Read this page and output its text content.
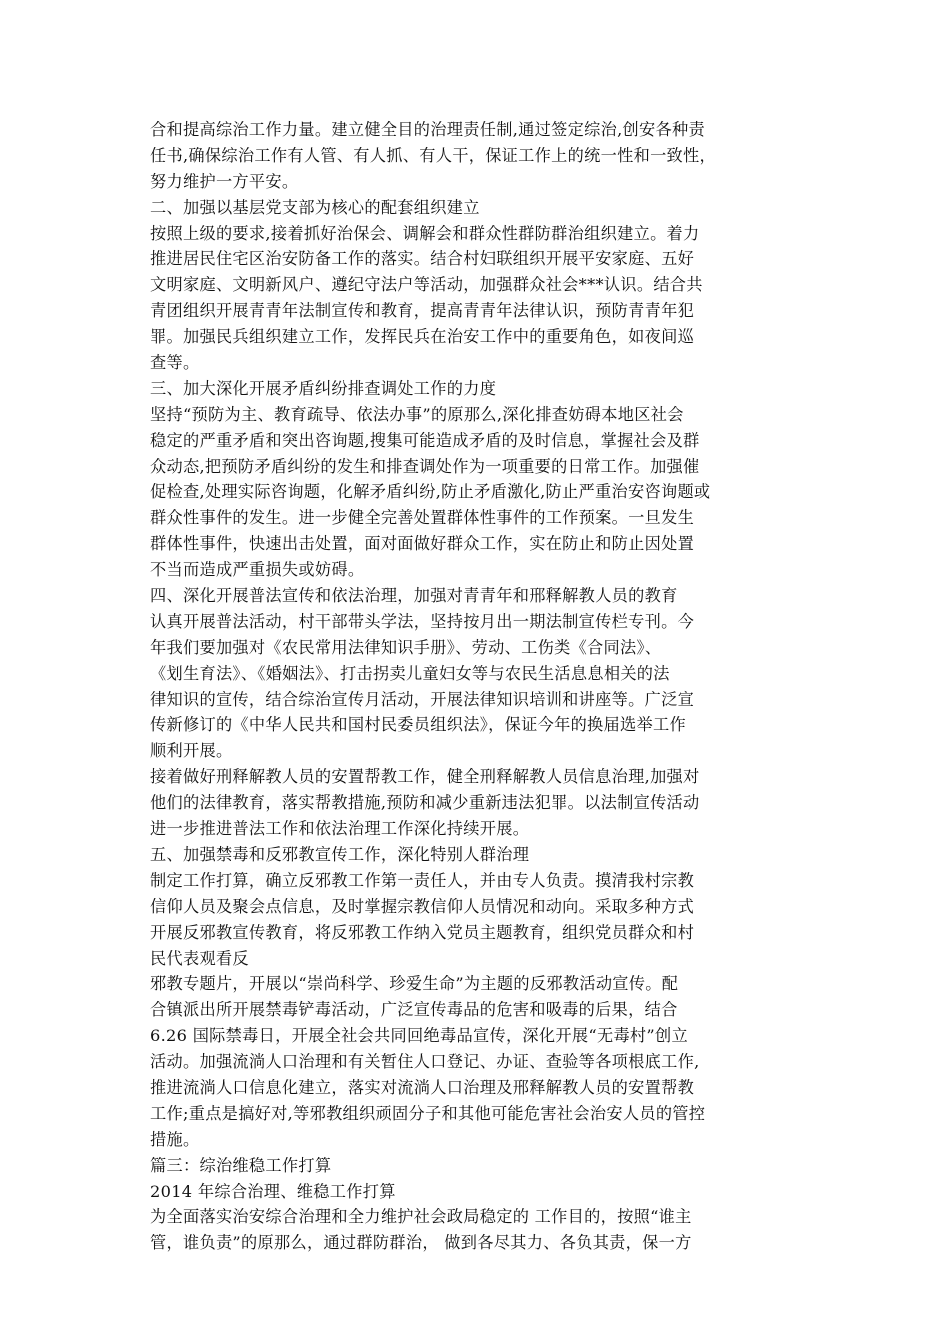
合和提高综治工作力量。建立健全目的治理责任制,通过签定综治,创安各种责
任书,确保综治工作有人管、有人抓、有人干，保证工作上的统一性和一致性，
努力维护一方平安。
二、加强以基层党支部为核心的配套组织建立
按照上级的要求,接着抓好治保会、调解会和群众性群防群治组织建立。着力
推进居民住宅区治安防备工作的落实。结合村妇联组织开展平安家庭、五好
文明家庭、文明新风户、遵纪守法户等活动，加强群众社会***认识。结合共
青团组织开展青青年法制宣传和教育，提高青青年法律认识，预防青青年犯
罪。加强民兵组织建立工作，发挥民兵在治安工作中的重要角色，如夜间巡
查等。
三、加大深化开展矛盾纠纷排查调处工作的力度
坚持“预防为主、教育疏导、依法办事”的原那么,深化排查妨碍本地区社会
稳定的严重矛盾和突出咨询题,搜集可能造成矛盾的及时信息，掌握社会及群
众动态,把预防矛盾纠纷的发生和排查调处作为一项重要的日常工作。加强催
促检查,处理实际咨询题，化解矛盾纠纷,防止矛盾激化,防止严重治安咨询题或
群众性事件的发生。进一步健全完善处置群体性事件的工作预案。一旦发生
群体性事件，快速出击处置，面对面做好群众工作，实在防止和防止因处置
不当而造成严重损失或妨碍。
四、深化开展普法宣传和依法治理，加强对青青年和邢释解教人员的教育
认真开展普法活动，村干部带头学法，坚持按月出一期法制宣传栏专刊。今
年我们要加强对《农民常用法律知识手册》、劳动、工伤类《合同法》、
《划生育法》、《婚姻法》、打击拐卖儿童妇女等与农民生活息息相关的法
律知识的宣传，结合综治宣传月活动，开展法律知识培训和讲座等。广泛宣
传新修订的《中华人民共和国村民委员组织法》，保证今年的换届选举工作
顺利开展。
接着做好刑释解教人员的安置帮教工作，健全刑释解教人员信息治理,加强对
他们的法律教育，落实帮教措施,预防和减少重新违法犯罪。以法制宣传活动
进一步推进普法工作和依法治理工作深化持续开展。
五、加强禁毒和反邪教宣传工作，深化特别人群治理
制定工作打算，确立反邪教工作第一责任人，并由专人负责。摸清我村宗教
信仰人员及聚会点信息，及时掌握宗教信仰人员情况和动向。采取多种方式
开展反邪教宣传教育，将反邪教工作纳入党员主题教育，组织党员群众和村
民代表观看反
邪教专题片，开展以“崇尚科学、珍爱生命”为主题的反邪教活动宣传。配
合镇派出所开展禁毒铲毒活动，广泛宣传毒品的危害和吸毒的后果，结合
6.26 国际禁毒日，开展全社会共同回绝毒品宣传，深化开展“无毒村”创立
活动。加强流淌人口治理和有关暂住人口登记、办证、查验等各项根底工作,
推进流淌人口信息化建立，落实对流淌人口治理及邢释解教人员的安置帮教
工作;重点是搞好对,等邪教组织顽固分子和其他可能危害社会治安人员的管控
措施。
篇三：综治维稳工作打算
2014 年综合治理、维稳工作打算
为全面落实治安综合治理和全力维护社会政局稳定的 工作目的，按照“谁主
管，谁负责”的原那么，通过群防群治， 做到各尽其力、各负其责，保一方
